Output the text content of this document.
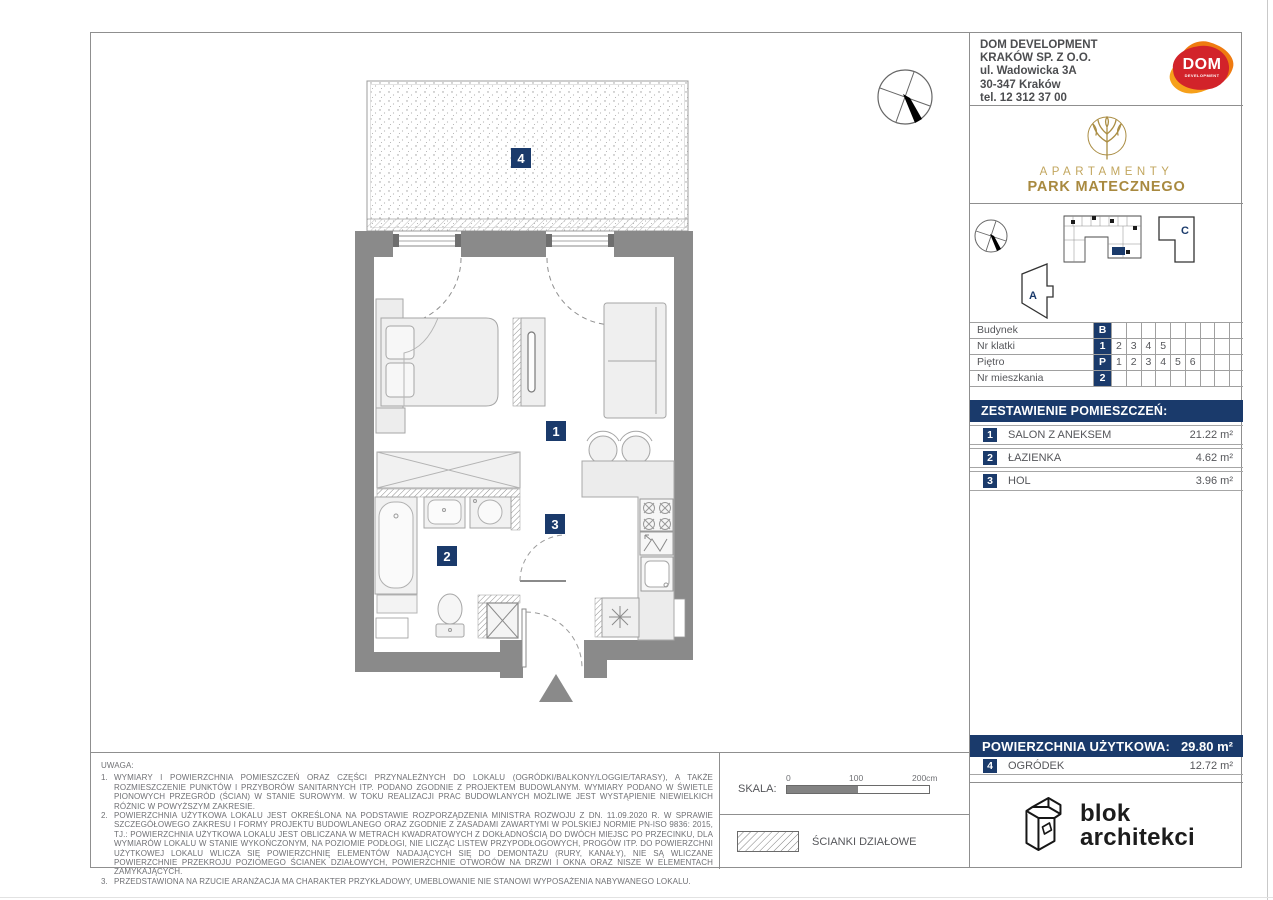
4
1
2
3
UWAGA:
1. WYMIARY I POWIERZCHNIA POMIESZCZEŃ ORAZ CZĘŚCI PRZYNALEŻNYCH DO LOKALU (OGRÓDKI/BALKONY/LOGGIE/TARASY), A TAKŻE ROZMIESZCZENIE PUNKTÓW I PRZYBORÓW SANITARNYCH ITP. PODANO ZGODNIE Z PROJEKTEM BUDOWLANYM. WYMIARY PODANO W ŚWIETLE PIONOWYCH PRZEGRÓD (ŚCIAN) W STANIE SUROWYM. W TOKU REALIZACJI PRAC BUDOWLANYCH MOŻLIWE JEST WYSTĄPIENIE NIEWIELKICH RÓŻNIC W POWYŻSZYM ZAKRESIE.
2. POWIERZCHNIA UŻYTKOWA LOKALU JEST OKREŚLONA NA PODSTAWIE ROZPORZĄDZENIA MINISTRA ROZWOJU Z DN. 11.09.2020 R. W SPRAWIE SZCZEGÓŁOWEGO ZAKRESU I FORMY PROJEKTU BUDOWLANEGO ORAZ ZGODNIE Z ZASADAMI ZAWARTYMI W POLSKIEJ NORMIE PN-ISO 9836: 2015, TJ.: POWIERZCHNIA UŻYTKOWA LOKALU JEST OBLICZANA W METRACH KWADRATOWYCH Z DOKŁADNOŚCIĄ DO DWÓCH MIEJSC PO PRZECINKU, DLA WYMIARÓW LOKALU W STANIE WYKOŃCZONYM, NA POZIOMIE PODŁOGI, NIE LICZĄC LISTEW PRZYPODŁOGOWYCH, PROGÓW ITP. DO POWIERZCHNI UŻYTKOWEJ LOKALU WLICZA SIĘ POWIERZCHNIĘ ELEMENTÓW NADAJĄCYCH SIĘ DO DEMONTAŻU (RURY, KANAŁY), NIE SĄ WLICZANE POWIERZCHNIE PRZEKROJU POZIOMEGO ŚCIANEK DZIAŁOWYCH, POWIERZCHNIE OTWORÓW NA DRZWI I OKNA ORAZ NISZE W ELEMENTACH ZAMYKAJĄCYCH.
3. PRZEDSTAWIONA NA RZUCIE ARANŻACJA MA CHARAKTER PRZYKŁADOWY, UMEBLOWANIE NIE STANOWI WYPOSAŻENIA NABYWANEGO LOKALU.
SKALA:
0	100	200cm
ŚCIANKI DZIAŁOWE
DOM DEVELOPMENT
KRAKÓW SP. Z O.O.
ul. Wadowicka 3A
30-347 Kraków
tel. 12 312 37 00
DOM
DEVELOPMENT
APARTAMENTY
PARK MATECZNEGO
C
A
Budynek	B
Nr klatki	1	2 3 4 5
Piętro	P 1 2 3 4 5 6
Nr mieszkania	2
ZESTAWIENIE POMIESZCZEŃ:
1	SALON Z ANEKSEM	21.22 m²
2	ŁAZIENKA	4.62 m²
3	HOL	3.96 m²
POWIERZCHNIA UŻYTKOWA: 29.80 m²
4	OGRÓDEK	12.72 m²
blok
architekci
